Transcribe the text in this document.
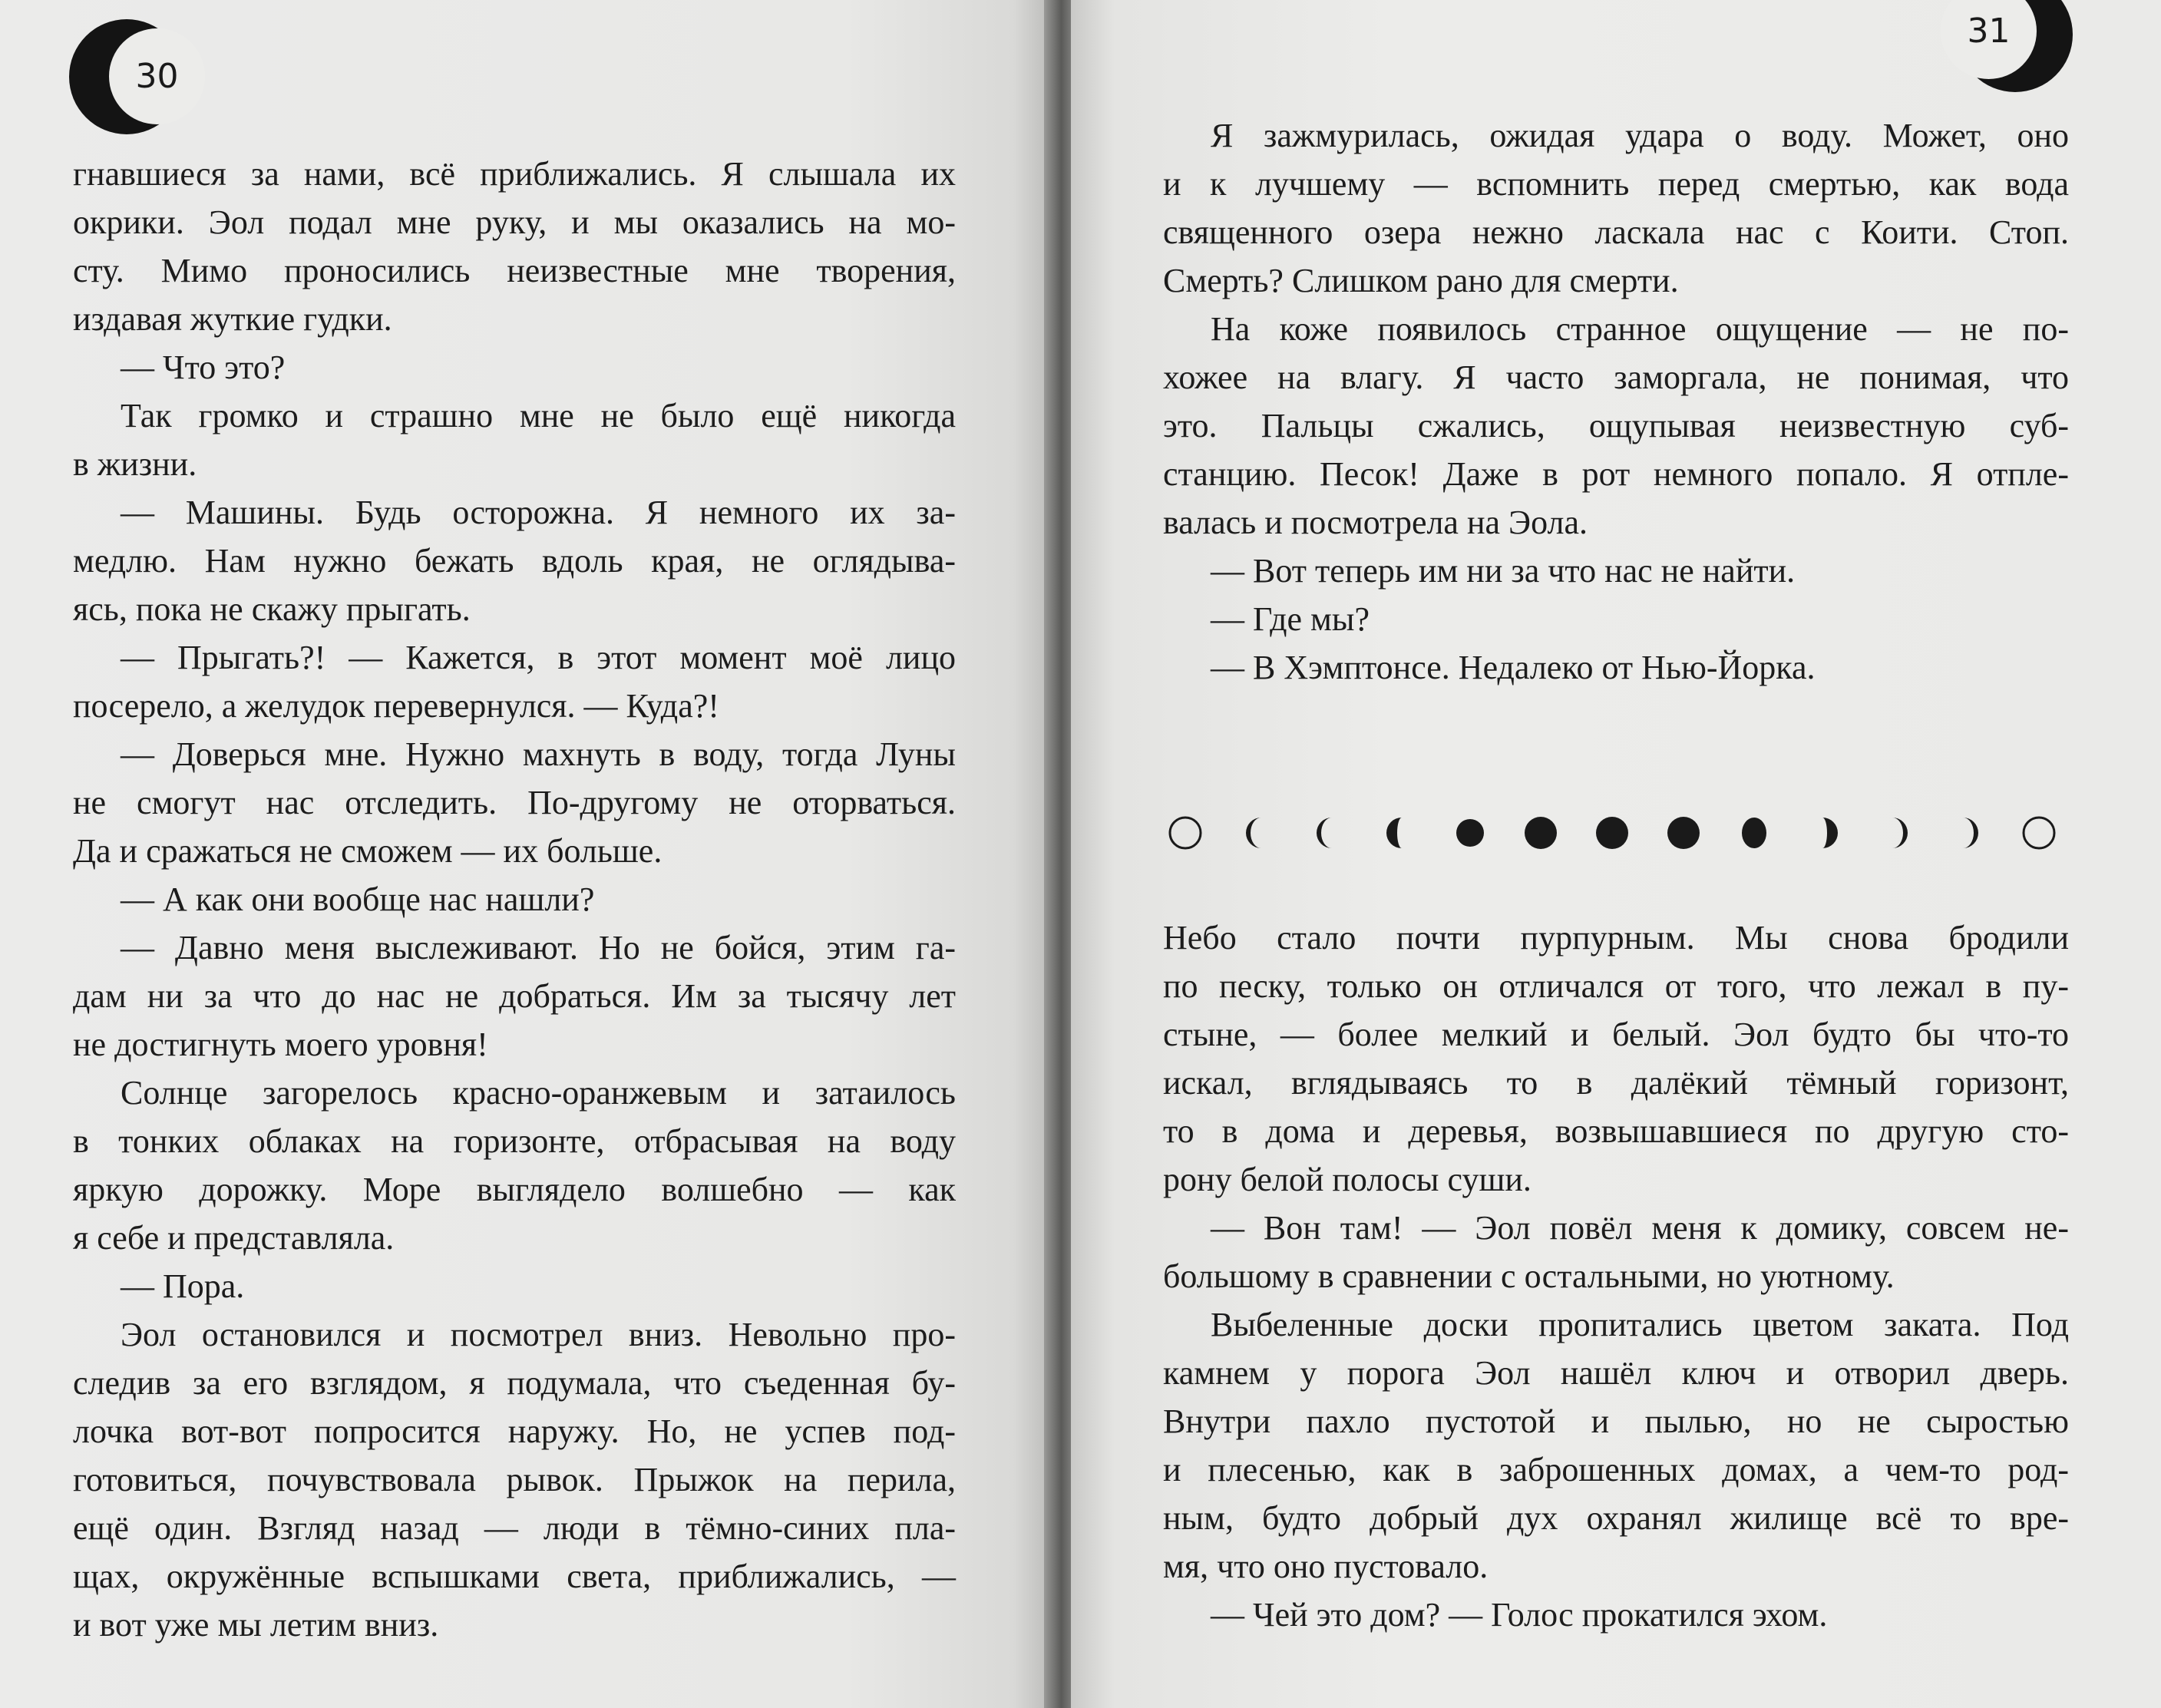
30
гнавшиеся за нами, всё приближались. Я слышала их
окрики. Эол подал мне руку, и мы оказались на мо-
сту. Мимо проносились неизвестные мне творения,
издавая жуткие гудки.
— Что это?
Так громко и страшно мне не было ещё никогда
в жизни.
— Машины. Будь осторожна. Я немного их за-
медлю. Нам нужно бежать вдоль края, не оглядыва-
ясь, пока не скажу прыгать.
— Прыгать?! — Кажется, в этот момент моё лицо
посерело, а желудок перевернулся. — Куда?!
— Доверься мне. Нужно махнуть в воду, тогда Луны
не смогут нас отследить. По-другому не оторваться.
Да и сражаться не сможем — их больше.
— А как они вообще нас нашли?
— Давно меня выслеживают. Но не бойся, этим га-
дам ни за что до нас не добраться. Им за тысячу лет
не достигнуть моего уровня!
Солнце загорелось красно-оранжевым и затаилось
в тонких облаках на горизонте, отбрасывая на воду
яркую дорожку. Море выглядело волшебно — как
я себе и представляла.
— Пора.
Эол остановился и посмотрел вниз. Невольно про-
следив за его взглядом, я подумала, что съеденная бу-
лочка вот-вот попросится наружу. Но, не успев под-
готовиться, почувствовала рывок. Прыжок на перила,
ещё один. Взгляд назад — люди в тёмно-синих пла-
щах, окружённые вспышками света, приближались, —
и вот уже мы летим вниз.
31
Я зажмурилась, ожидая удара о воду. Может, оно
и к лучшему — вспомнить перед смертью, как вода
священного озера нежно ласкала нас с Коити. Стоп.
Смерть? Слишком рано для смерти.
На коже появилось странное ощущение — не по-
хожее на влагу. Я часто заморгала, не понимая, что
это. Пальцы сжались, ощупывая неизвестную суб-
станцию. Песок! Даже в рот немного попало. Я отпле-
валась и посмотрела на Эола.
— Вот теперь им ни за что нас не найти.
— Где мы?
— В Хэмптонсе. Недалеко от Нью-Йорка.
Небо стало почти пурпурным. Мы снова бродили
по песку, только он отличался от того, что лежал в пу-
стыне, — более мелкий и белый. Эол будто бы что-то
искал, вглядываясь то в далёкий тёмный горизонт,
то в дома и деревья, возвышавшиеся по другую сто-
рону белой полосы суши.
— Вон там! — Эол повёл меня к домику, совсем не-
большому в сравнении с остальными, но уютному.
Выбеленные доски пропитались цветом заката. Под
камнем у порога Эол нашёл ключ и отворил дверь.
Внутри пахло пустотой и пылью, но не сыростью
и плесенью, как в заброшенных домах, а чем-то род-
ным, будто добрый дух охранял жилище всё то вре-
мя, что оно пустовало.
— Чей это дом? — Голос прокатился эхом.
